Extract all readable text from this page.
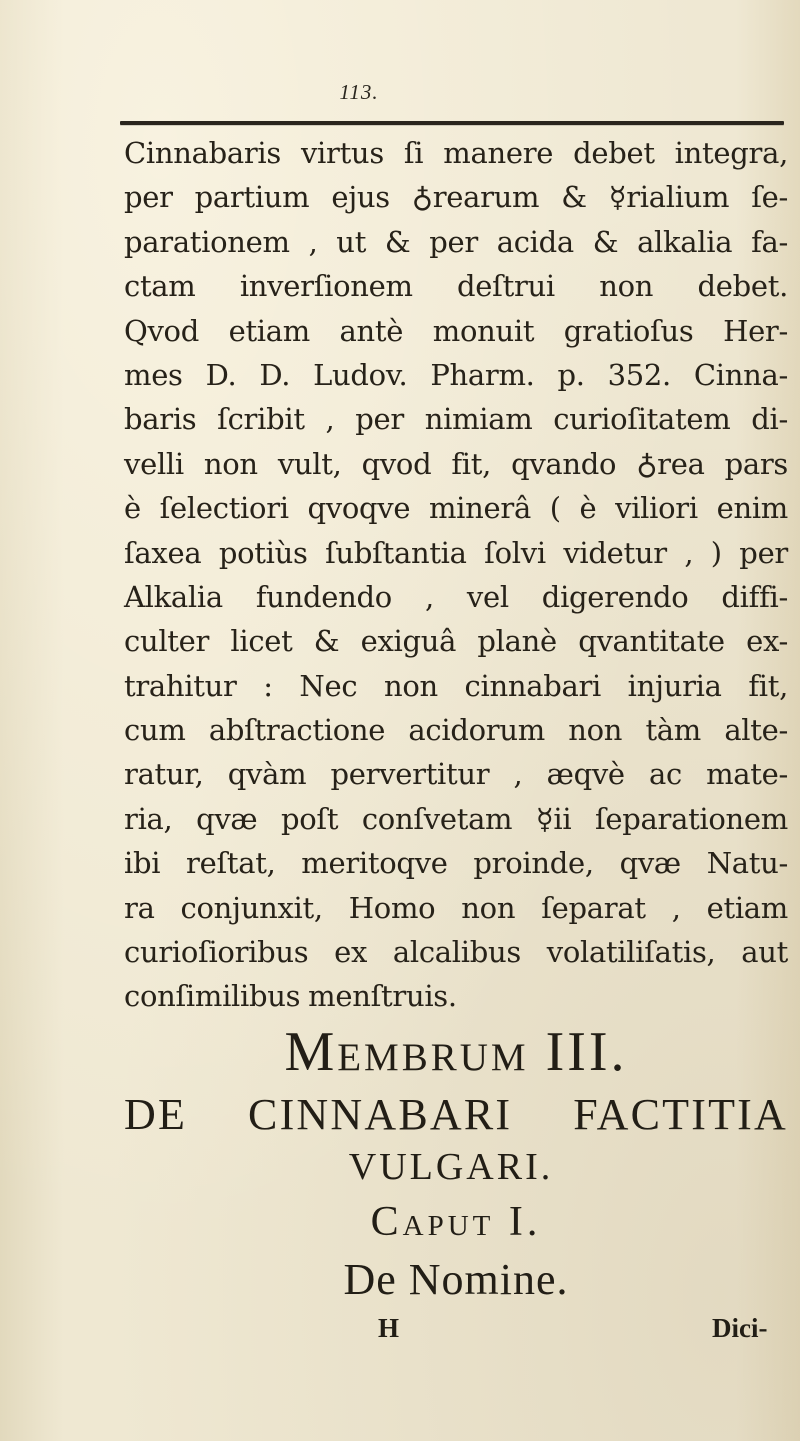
113.
Cinnabaris virtus ſi manere debet integra,
per partium ejus ♁rearum & ☿rialium ſe-
parationem , ut & per acida & alkalia fa-
ctam inverſionem deſtrui non debet.
Qvod etiam antè monuit gratioſus Her-
mes D. D. Ludov. Pharm. p. 352. Cinna-
baris ſcribit , per nimiam curioſitatem di-
velli non vult, qvod fit, qvando ♁rea pars
è ſelectiori qvoqve minerâ ( è viliori enim
ſaxea potiùs ſubſtantia ſolvi videtur , ) per
Alkalia fundendo , vel digerendo diffi-
culter licet & exiguâ planè qvantitate ex-
trahitur : Nec non cinnabari injuria fit,
cum abſtractione acidorum non tàm alte-
ratur, qvàm pervertitur , æqvè ac mate-
ria, qvæ poſt conſvetam ☿ii ſeparationem
ibi reſtat, meritoqve proinde, qvæ Natu-
ra conjunxit, Homo non ſeparat , etiam
curioſioribus ex alcalibus volatiliſatis, aut
conſimilibus menſtruis.
Membrum III.
DE CINNABARI FACTITIA
VULGARI.
Caput I.
De Nomine.
H	Dici-
